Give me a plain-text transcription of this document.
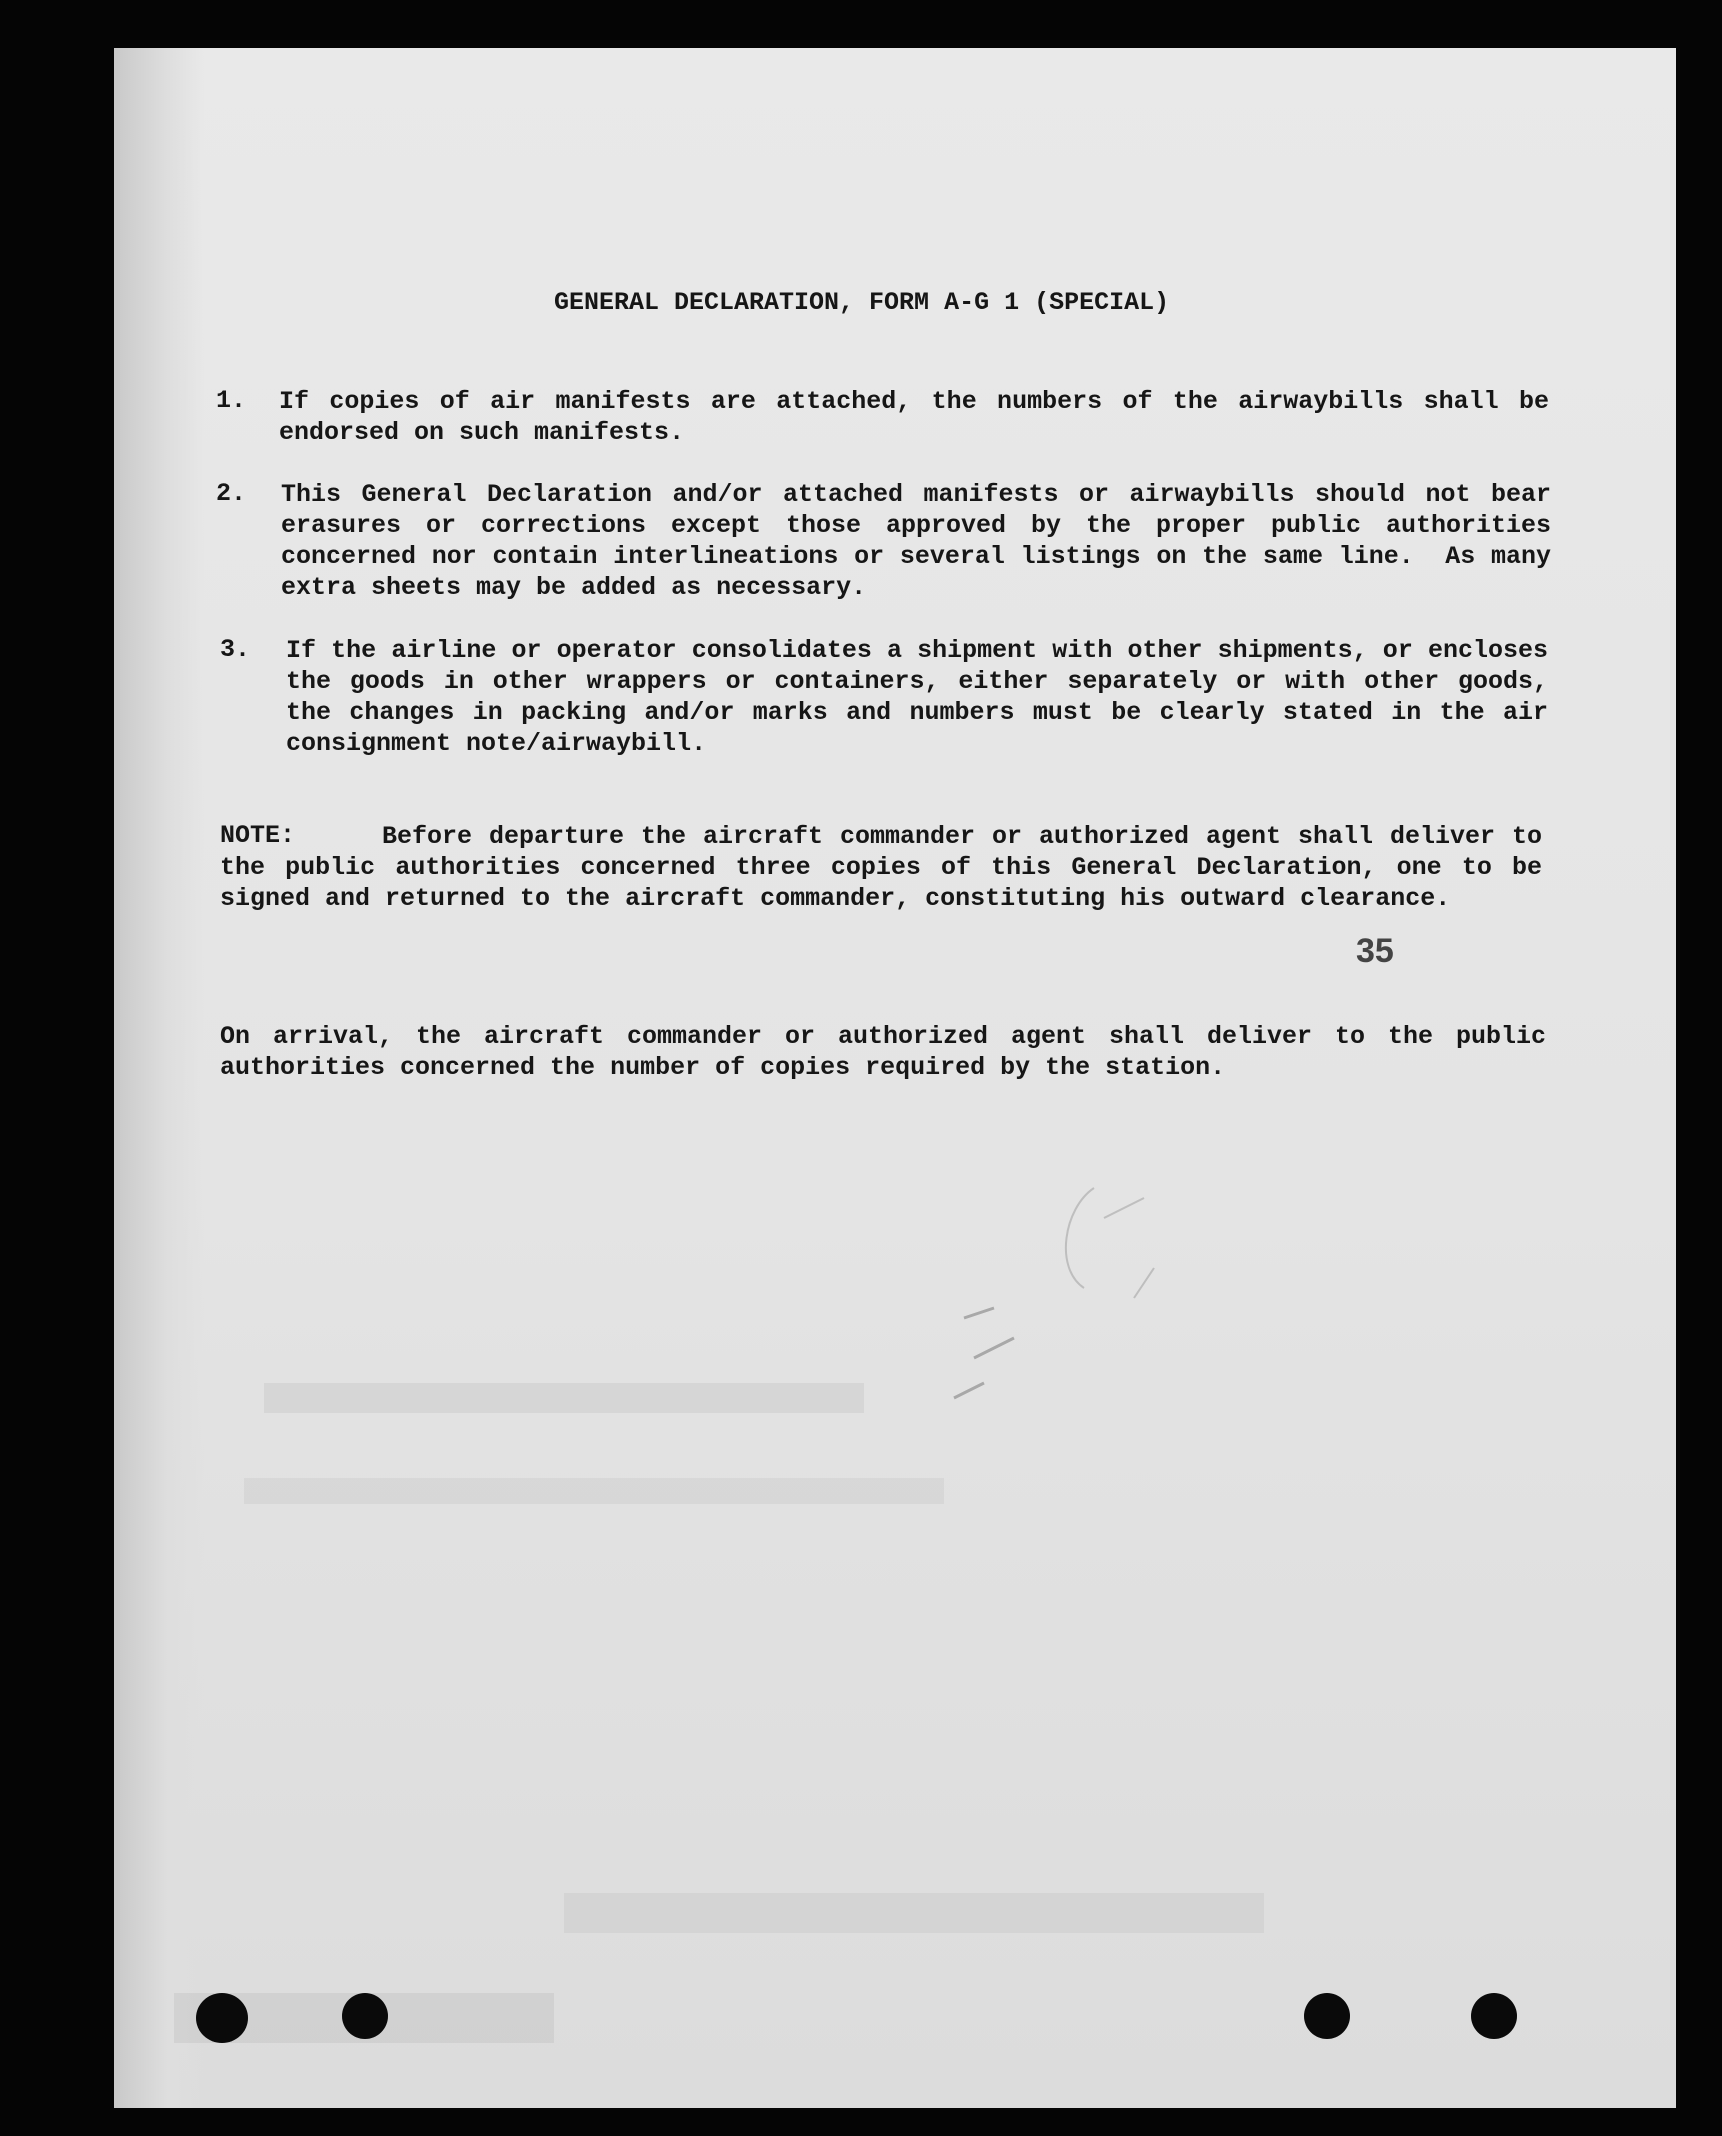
GENERAL DECLARATION, FORM A-G 1 (SPECIAL)
1. If copies of air manifests are attached, the numbers of the airwaybills shall be endorsed on such manifests.

2. This General Declaration and/or attached manifests or airwaybills should not bear erasures or corrections except those approved by the proper public authorities concerned nor contain interlineations or several listings on the same line.  As many extra sheets may be added as necessary.

3. If the airline or operator consolidates a shipment with other shipments, or encloses the goods in other wrappers or containers, either separately or with other goods, the changes in packing and/or marks and numbers must be clearly stated in the air consignment note/airwaybill.

NOTE:	Before departure the aircraft commander or authorized agent shall deliver to the public authorities concerned three copies of this General Declaration, one to be signed and returned to the aircraft commander, constituting his outward clearance.

35

On arrival, the aircraft commander or authorized agent shall deliver to the public authorities concerned the number of copies required by the station.
